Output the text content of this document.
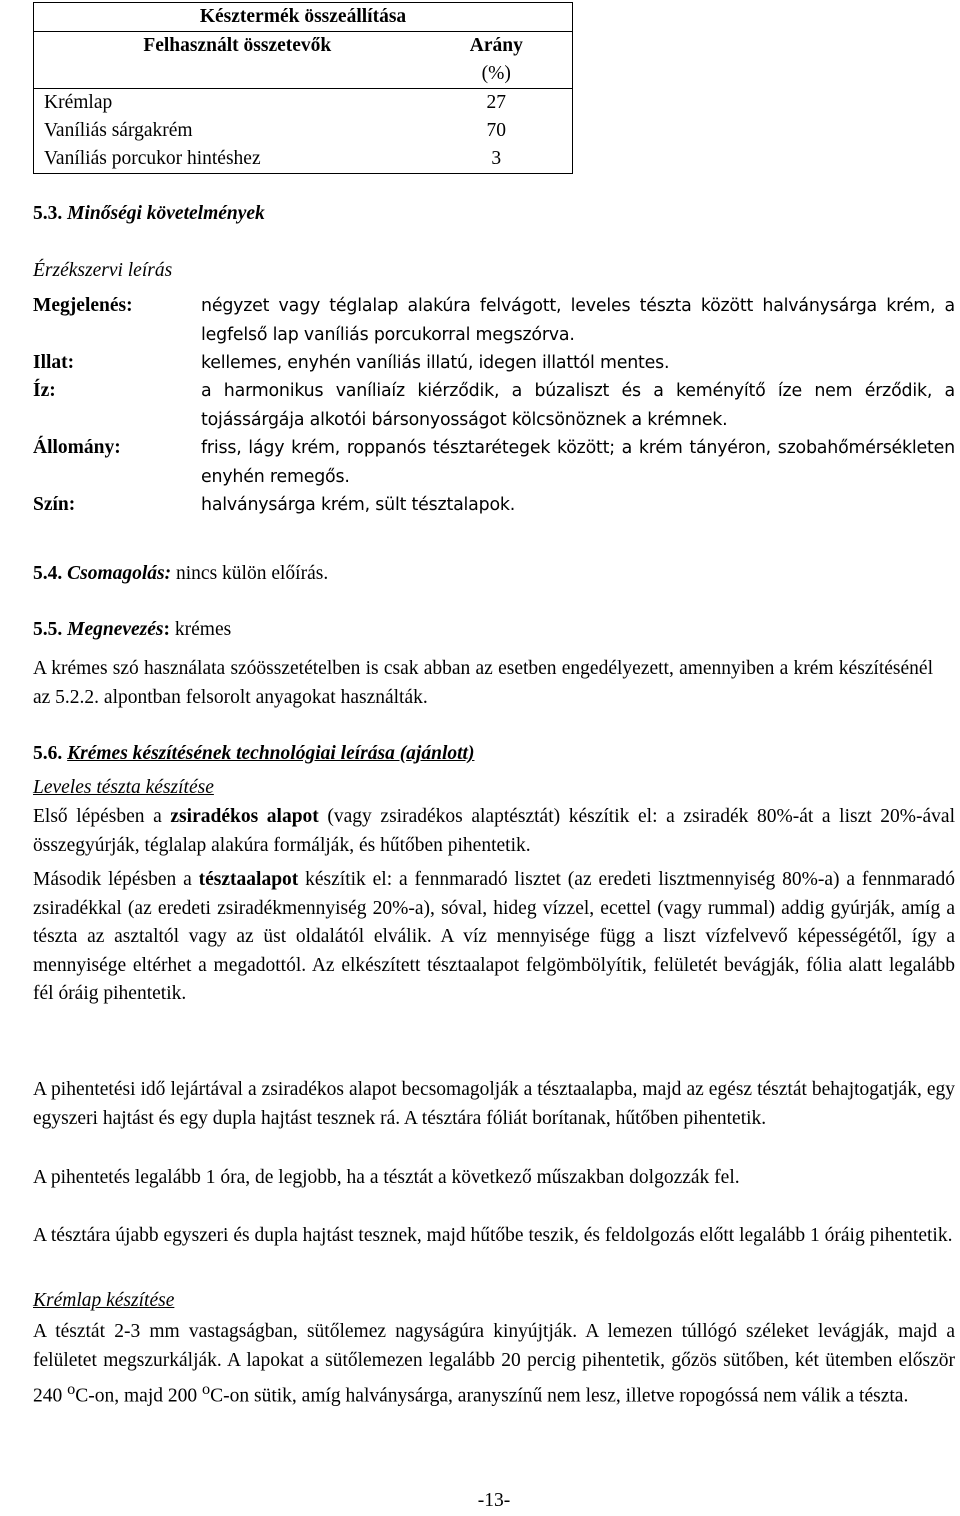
Késztermék összeállítása	
Felhasznált összetevők	Arány
(%)
Krémlap	27
Vaníliás sárgakrém	70
Vaníliás porcukor hintéshez	3
5.3. Minőségi követelmények
Érzékszervi leírás
Megjelenés:	négyzet vagy téglalap alakúra felvágott, leveles tészta között halványsárga krém, a legfelső lap vaníliás porcukorral megszórva.
Illat:	kellemes, enyhén vaníliás illatú, idegen illattól mentes.
Íz:	a harmonikus vaníliaíz kiérződik, a búzaliszt és a keményítő íze nem érződik, a tojássárgája alkotói bársonyosságot kölcsönöznek a krémnek.
Állomány:	friss, lágy krém, roppanós tésztarétegek között; a krém tányéron, szobahőmérsékleten enyhén remegős.
Szín:	halványsárga krém, sült tésztalapok.
5.4. Csomagolás: nincs külön előírás.
5.5. Megnevezés: krémes
A krémes szó használata szóösszetételben is csak abban az esetben engedélyezett, amennyiben a krém készítésénél az 5.2.2. alpontban felsorolt anyagokat használták.
5.6. Krémes készítésének technológiai leírása (ajánlott)
Leveles tészta készítése
Első lépésben a zsiradékos alapot (vagy zsiradékos alaptésztát) készítik el: a zsiradék 80%-át a liszt 20%-ával összegyúrják, téglalap alakúra formálják, és hűtőben pihentetik.
Második lépésben a tésztaalapot készítik el: a fennmaradó lisztet (az eredeti lisztmennyiség 80%-a) a fennmaradó zsiradékkal (az eredeti zsiradékmennyiség 20%-a), sóval, hideg vízzel, ecettel (vagy rummal) addig gyúrják, amíg a tészta az asztaltól vagy az üst oldalától elválik. A víz mennyisége függ a liszt vízfelvevő képességétől, így a mennyisége eltérhet a megadottól. Az elkészített tésztaalapot felgömbölyítik, felületét bevágják, fólia alatt legalább fél óráig pihentetik.
A pihentetési idő lejártával a zsiradékos alapot becsomagolják a tésztaalapba, majd az egész tésztát behajtogatják, egy egyszeri hajtást és egy dupla hajtást tesznek rá. A tésztára fóliát borítanak, hűtőben pihentetik.
A pihentetés legalább 1 óra, de legjobb, ha a tésztát a következő műszakban dolgozzák fel.
A tésztára újabb egyszeri és dupla hajtást tesznek, majd hűtőbe teszik, és feldolgozás előtt legalább 1 óráig pihentetik.
Krémlap készítése
A tésztát 2-3 mm vastagságban, sütőlemez nagyságúra kinyújtják. A lemezen túllógó széleket levágják, majd a felületet megszurkálják. A lapokat a sütőlemezen legalább 20 percig pihentetik, gőzös sütőben, két ütemben először 240 $^o$C-on, majd 200 $^o$C-on sütik, amíg halványsárga, aranyszínű nem lesz, illetve ropogóssá nem válik a tészta.
-13-
